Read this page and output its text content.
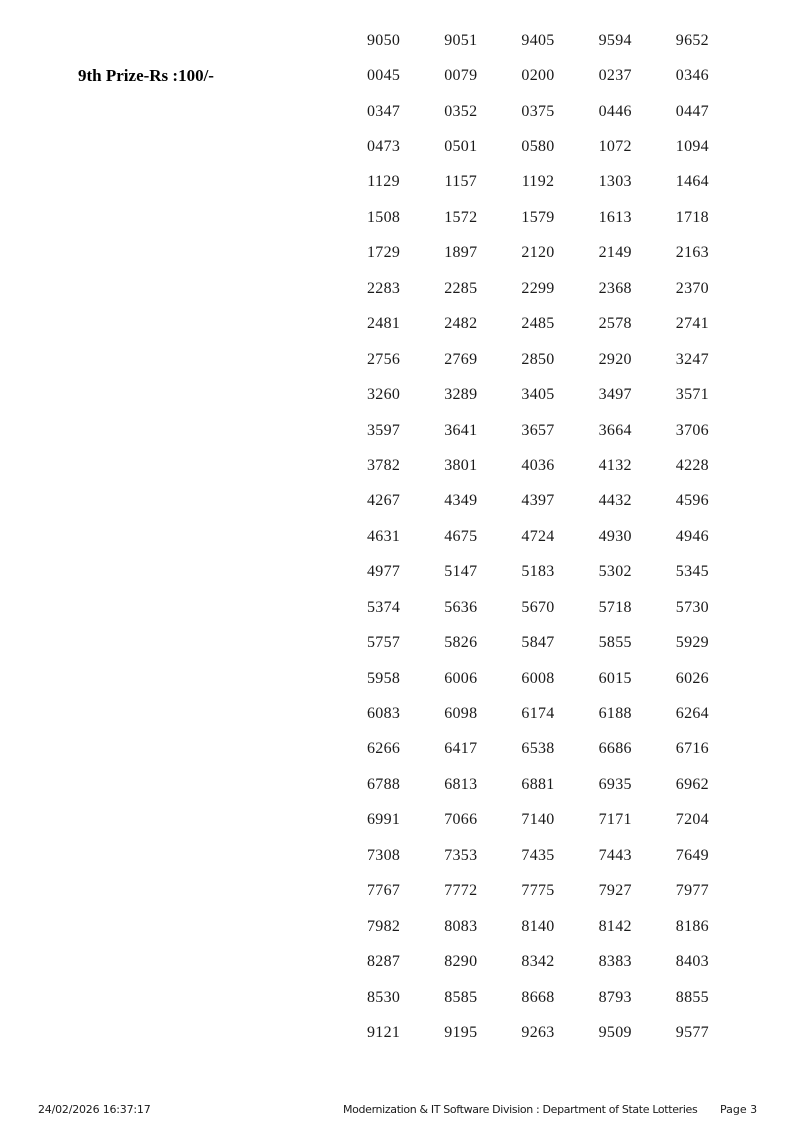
9th Prize-Rs :100/-
9050	9051	9405	9594	9652
0045	0079	0200	0237	0346
0347	0352	0375	0446	0447
0473	0501	0580	1072	1094
1129	1157	1192	1303	1464
1508	1572	1579	1613	1718
1729	1897	2120	2149	2163
2283	2285	2299	2368	2370
2481	2482	2485	2578	2741
2756	2769	2850	2920	3247
3260	3289	3405	3497	3571
3597	3641	3657	3664	3706
3782	3801	4036	4132	4228
4267	4349	4397	4432	4596
4631	4675	4724	4930	4946
4977	5147	5183	5302	5345
5374	5636	5670	5718	5730
5757	5826	5847	5855	5929
5958	6006	6008	6015	6026
6083	6098	6174	6188	6264
6266	6417	6538	6686	6716
6788	6813	6881	6935	6962
6991	7066	7140	7171	7204
7308	7353	7435	7443	7649
7767	7772	7775	7927	7977
7982	8083	8140	8142	8186
8287	8290	8342	8383	8403
8530	8585	8668	8793	8855
9121	9195	9263	9509	9577
24/02/2026 16:37:17	Modernization & IT Software Division : Department of State Lotteries Page 3
